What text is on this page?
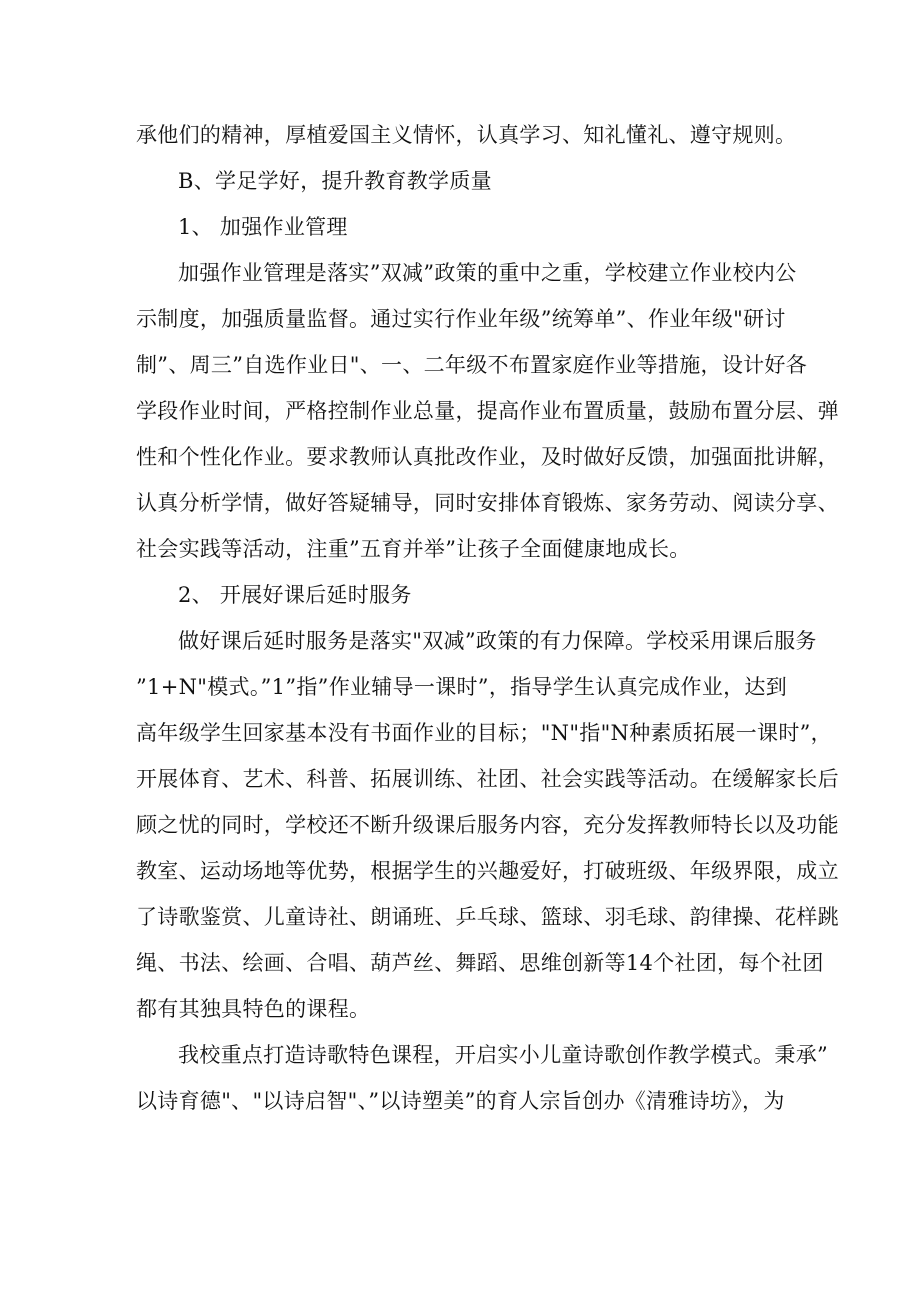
承他们的精神，厚植爱国主义情怀，认真学习、知礼懂礼、遵守规则。
B、学足学好，提升教育教学质量
1、 加强作业管理
加强作业管理是落实”双减”政策的重中之重，学校建立作业校内公
示制度，加强质量监督。通过实行作业年级”统筹单”、作业年级"研讨
制”、周三”自选作业日"、一、二年级不布置家庭作业等措施，设计好各
学段作业时间，严格控制作业总量，提高作业布置质量，鼓励布置分层、弹
性和个性化作业。要求教师认真批改作业，及时做好反馈，加强面批讲解，
认真分析学情，做好答疑辅导，同时安排体育锻炼、家务劳动、阅读分享、
社会实践等活动，注重”五育并举”让孩子全面健康地成长。
2、 开展好课后延时服务
做好课后延时服务是落实"双减”政策的有力保障。学校采用课后服务
”1+N"模式。”1”指”作业辅导一课时”，指导学生认真完成作业，达到
高年级学生回家基本没有书面作业的目标；"N"指"N种素质拓展一课时”，
开展体育、艺术、科普、拓展训练、社团、社会实践等活动。在缓解家长后
顾之忧的同时，学校还不断升级课后服务内容，充分发挥教师特长以及功能
教室、运动场地等优势，根据学生的兴趣爱好，打破班级、年级界限，成立
了诗歌鉴赏、儿童诗社、朗诵班、乒乓球、篮球、羽毛球、韵律操、花样跳
绳、书法、绘画、合唱、葫芦丝、舞蹈、思维创新等14个社团，每个社团
都有其独具特色的课程。
我校重点打造诗歌特色课程，开启实小儿童诗歌创作教学模式。秉承”
以诗育德"、"以诗启智"、”以诗塑美”的育人宗旨创办《清雅诗坊》，为
